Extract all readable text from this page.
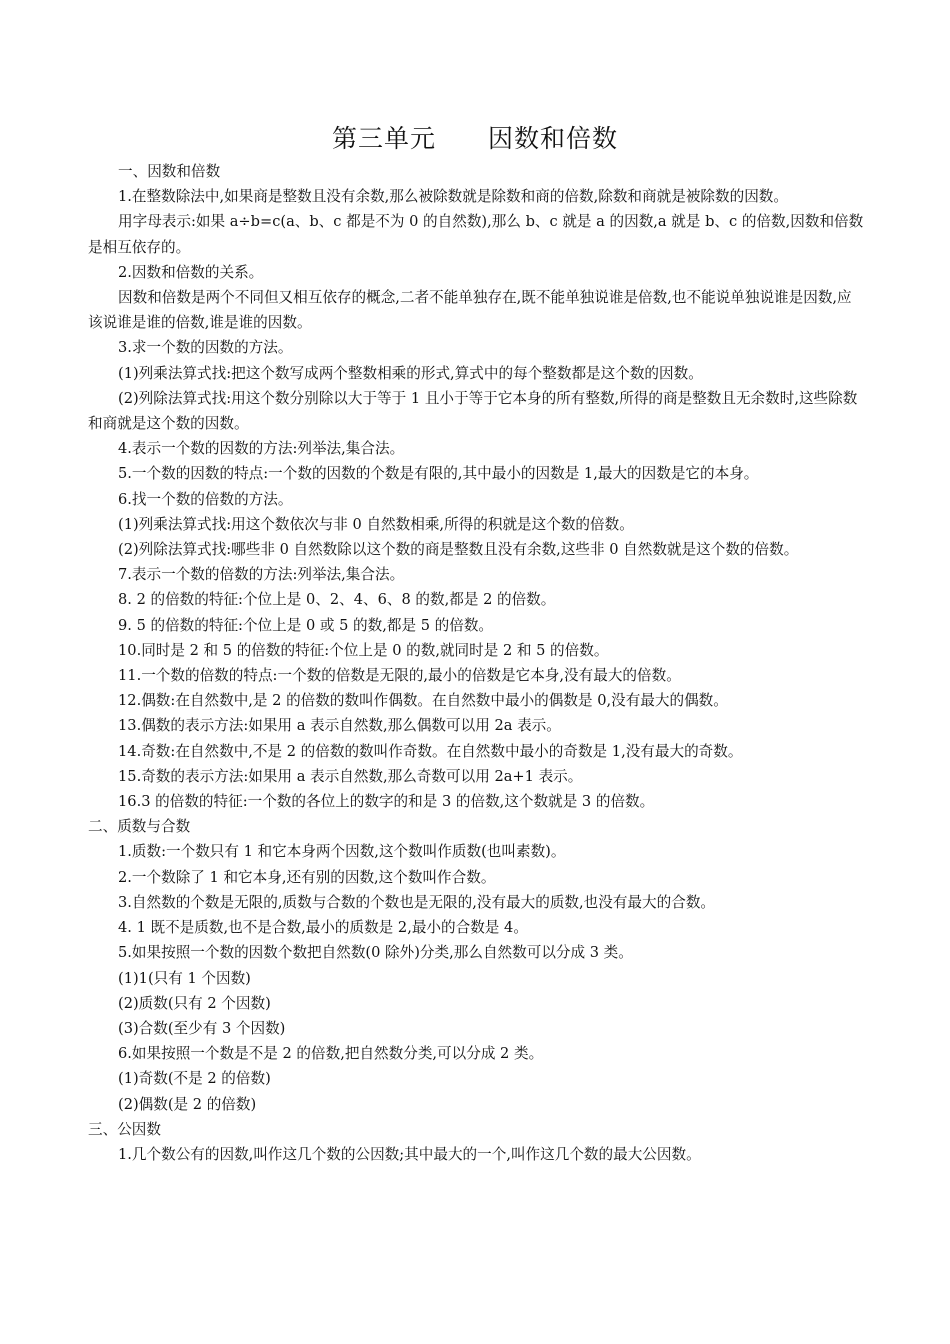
第三单元　　因数和倍数

一、因数和倍数

1.在整数除法中,如果商是整数且没有余数,那么被除数就是除数和商的倍数,除数和商就是被除数的因数。

用字母表示:如果 a÷b=c(a、b、c 都是不为 0 的自然数),那么 b、c 就是 a 的因数,a 就是 b、c 的倍数,因数和倍数是相互依存的。

2.因数和倍数的关系。

因数和倍数是两个不同但又相互依存的概念,二者不能单独存在,既不能单独说谁是倍数,也不能说单独说谁是因数,应该说谁是谁的倍数,谁是谁的因数。

3.求一个数的因数的方法。

(1)列乘法算式找:把这个数写成两个整数相乘的形式,算式中的每个整数都是这个数的因数。

(2)列除法算式找:用这个数分别除以大于等于 1 且小于等于它本身的所有整数,所得的商是整数且无余数时,这些除数和商就是这个数的因数。

4.表示一个数的因数的方法:列举法,集合法。

5.一个数的因数的特点:一个数的因数的个数是有限的,其中最小的因数是 1,最大的因数是它的本身。

6.找一个数的倍数的方法。

(1)列乘法算式找:用这个数依次与非 0 自然数相乘,所得的积就是这个数的倍数。

(2)列除法算式找:哪些非 0 自然数除以这个数的商是整数且没有余数,这些非 0 自然数就是这个数的倍数。

7.表示一个数的倍数的方法:列举法,集合法。

8. 2 的倍数的特征:个位上是 0、2、4、6、8 的数,都是 2 的倍数。

9. 5 的倍数的特征:个位上是 0 或 5 的数,都是 5 的倍数。

10.同时是 2 和 5 的倍数的特征:个位上是 0 的数,就同时是 2 和 5 的倍数。

11.一个数的倍数的特点:一个数的倍数是无限的,最小的倍数是它本身,没有最大的倍数。

12.偶数:在自然数中,是 2 的倍数的数叫作偶数。在自然数中最小的偶数是 0,没有最大的偶数。

13.偶数的表示方法:如果用 a 表示自然数,那么偶数可以用 2a 表示。

14.奇数:在自然数中,不是 2 的倍数的数叫作奇数。在自然数中最小的奇数是 1,没有最大的奇数。

15.奇数的表示方法:如果用 a 表示自然数,那么奇数可以用 2a+1 表示。

16.3 的倍数的特征:一个数的各位上的数字的和是 3 的倍数,这个数就是 3 的倍数。

二、质数与合数

1.质数:一个数只有 1 和它本身两个因数,这个数叫作质数(也叫素数)。

2.一个数除了 1 和它本身,还有别的因数,这个数叫作合数。

3.自然数的个数是无限的,质数与合数的个数也是无限的,没有最大的质数,也没有最大的合数。

4. 1 既不是质数,也不是合数,最小的质数是 2,最小的合数是 4。

5.如果按照一个数的因数个数把自然数(0 除外)分类,那么自然数可以分成 3 类。

(1)1(只有 1 个因数)

(2)质数(只有 2 个因数)

(3)合数(至少有 3 个因数)

6.如果按照一个数是不是 2 的倍数,把自然数分类,可以分成 2 类。

(1)奇数(不是 2 的倍数)

(2)偶数(是 2 的倍数)

三、公因数

1.几个数公有的因数,叫作这几个数的公因数;其中最大的一个,叫作这几个数的最大公因数。
